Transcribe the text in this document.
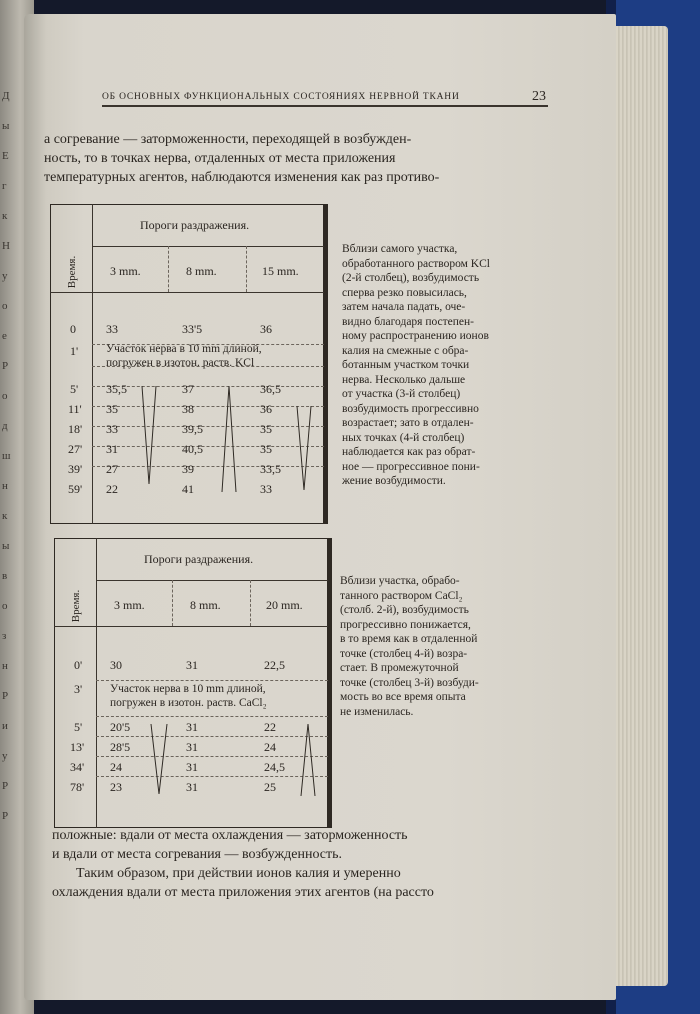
Д
ы
Е
г
к
Н
у
о
е
Р
о
д
ш
н
к
ы
в
о
з
н
Р
и
у
Р
Р
ОБ ОСНОВНЫХ ФУНКЦИОНАЛЬНЫХ СОСТОЯНИЯХ НЕРВНОЙ ТКАНИ	23
а согревание — заторможенности, переходящей в возбужден-
ность, то в точках нерва, отдаленных от места приложения
температурных агентов, наблюдаются изменения как раз противо-
Время.
Пороги раздражения.
3 mm.	8 mm.	15 mm.
0	33	33'5	36
1' Участок нерва в 10 mm длиной,
погружен в изотон. раств. KCl
5' 35,5	37	36,5
11' 35	38	36
18' 33	39,5	35
27' 31	40,5	35
39' 27	39	33,5
59' 22	41	33
Вблизи самого участка,
обработанного раствором KCl
(2-й столбец), возбудимость
сперва резко повысилась,
затем начала падать, оче-
видно благодаря постепен-
ному распространению ионов
калия на смежные с обра-
ботанным участком точки
нерва. Несколько дальше
от участка (3-й столбец)
возбудимость прогрессивно
возрастает; зато в отдален-
ных точках (4-й столбец)
наблюдается как раз обрат-
ное — прогрессивное пони-
жение возбудимости.
Время.
Пороги раздражения.
3 mm.	8 mm.	20 mm.
0' 30	31	22,5
3' Участок нерва в 10 mm длиной,
погружен в изотон. раств. CaCl₂
5' 20'5	31	22
13' 28'5	31	24
34' 24	31	24,5
78' 23	31	25
Вблизи участка, обрабо-
танного раствором CaCl₂
(столб. 2-й), возбудимость
прогрессивно понижается,
в то время как в отдаленной
точке (столбец 4-й) возра-
стает. В промежуточной
точке (столбец 3-й) возбуди-
мость во все время опыта
не изменилась.
положные: вдали от места охлаждения — заторможенность
и вдали от места согревания — возбужденность.
Таким образом, при действии ионов калия и умеренно
охлаждения вдали от места приложения этих агентов (на рассто
